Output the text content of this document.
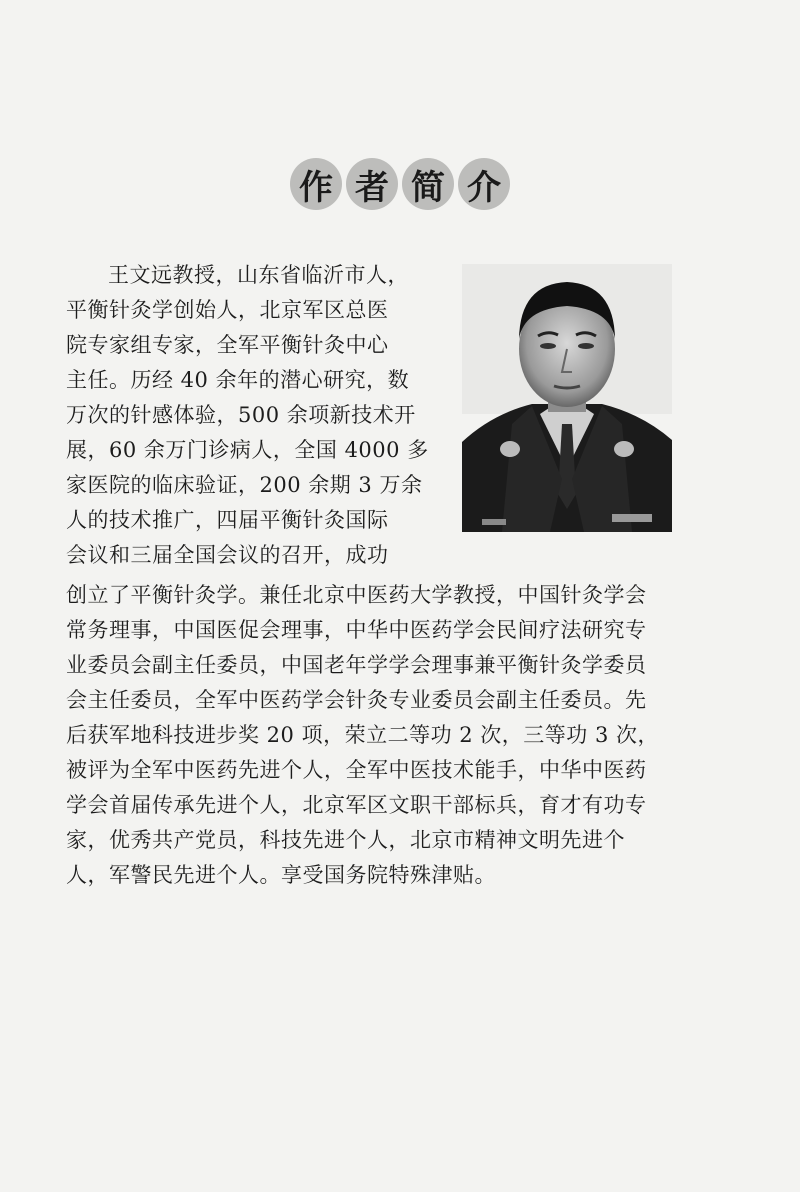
作 者 简 介
王文远教授，山东省临沂市人，
平衡针灸学创始人，北京军区总医
院专家组专家，全军平衡针灸中心
主任。历经 40 余年的潜心研究，数
万次的针感体验，500 余项新技术开
展，60 余万门诊病人，全国 4000 多
家医院的临床验证，200 余期 3 万余
人的技术推广，四届平衡针灸国际
会议和三届全国会议的召开，成功
创立了平衡针灸学。兼任北京中医药大学教授，中国针灸学会
常务理事，中国医促会理事，中华中医药学会民间疗法研究专
业委员会副主任委员，中国老年学学会理事兼平衡针灸学委员
会主任委员，全军中医药学会针灸专业委员会副主任委员。先
后获军地科技进步奖 20 项，荣立二等功 2 次，三等功 3 次，
被评为全军中医药先进个人，全军中医技术能手，中华中医药
学会首届传承先进个人，北京军区文职干部标兵，育才有功专
家，优秀共产党员，科技先进个人，北京市精神文明先进个
人，军警民先进个人。享受国务院特殊津贴。
